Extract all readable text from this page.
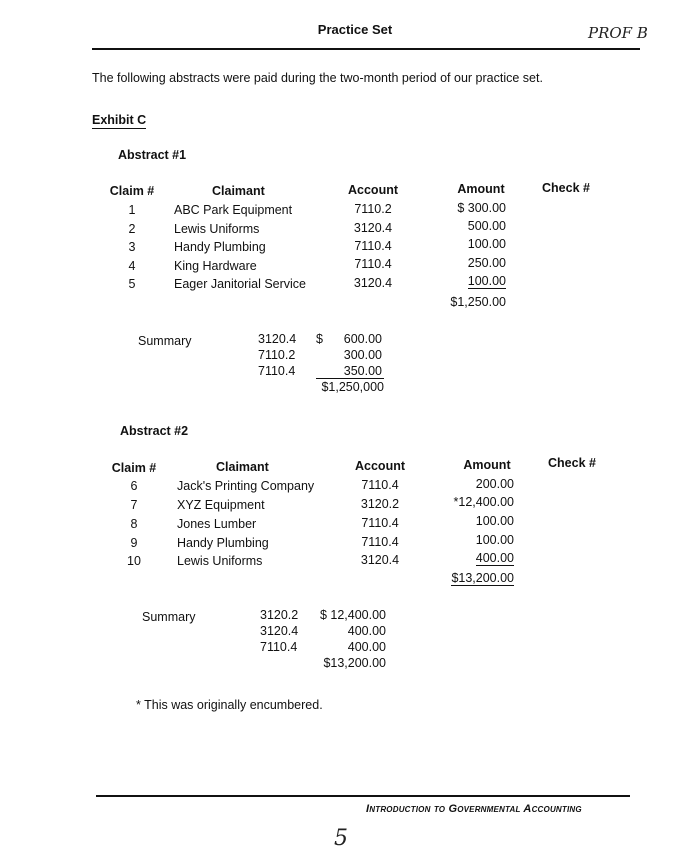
Practice Set	PROF B
The following abstracts were paid during the two-month period of our practice set.
Exhibit C
Abstract #1
Claim #	Claimant	Account	Amount	Check #
1	ABC Park Equipment	7110.2	$ 300.00
2	Lewis Uniforms	3120.4	500.00
3	Handy Plumbing	7110.4	100.00
4	King Hardware	7110.4	250.00
5	Eager Janitorial Service	3120.4	100.00
$1,250.00
Summary	3120.4 $	600.00
7110.2	300.00
7110.4	350.00
$1,250,000
Abstract #2
Claim #	Claimant	Account	Amount	Check #
6	Jack's Printing Company	7110.4	200.00
7	XYZ Equipment	3120.2	*12,400.00
8	Jones Lumber	7110.4	100.00
9	Handy Plumbing	7110.4	100.00
10	Lewis Uniforms	3120.4	400.00
$13,200.00
Summary	3120.2	$ 12,400.00
3120.4	400.00
7110.4	400.00
$13,200.00
* This was originally encumbered.
Introduction to Governmental Accounting
5
